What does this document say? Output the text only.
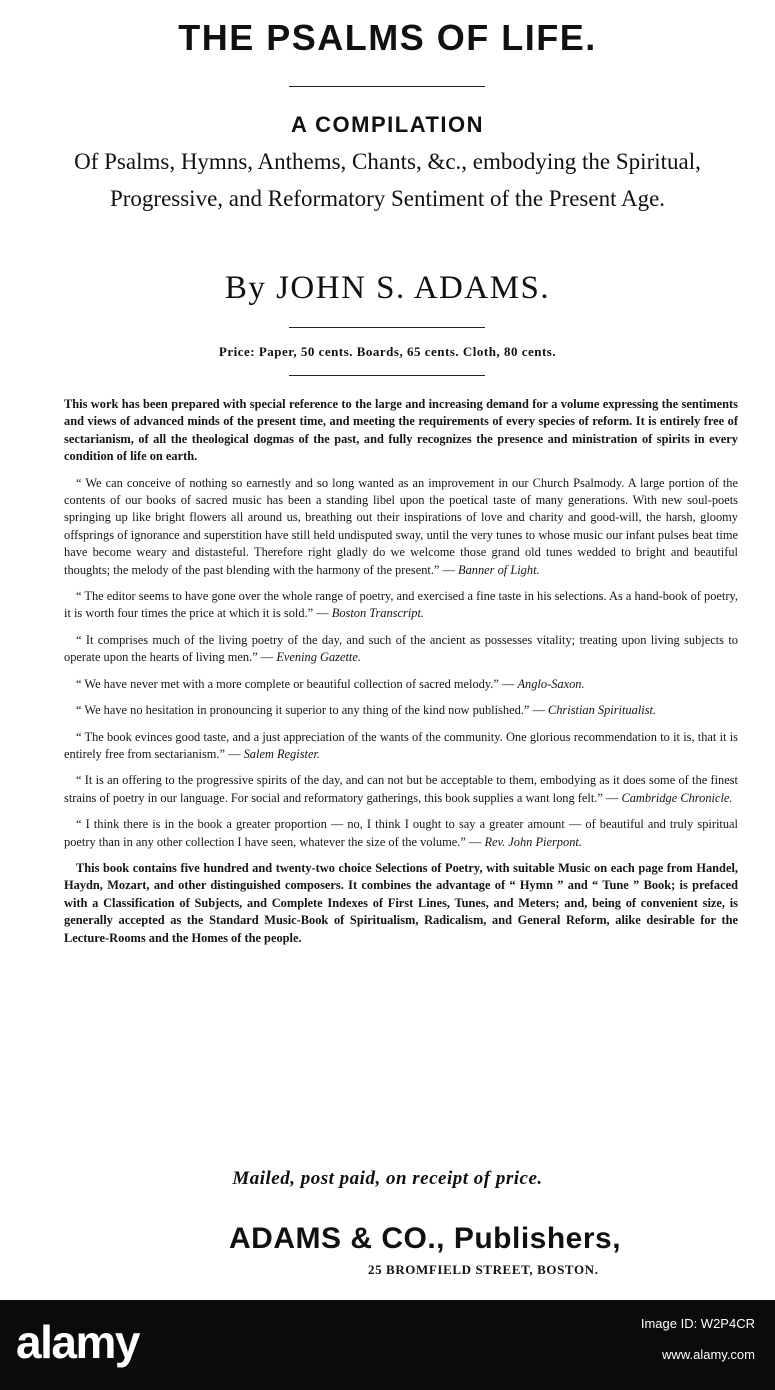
THE PSALMS OF LIFE.
A COMPILATION

Of Psalms, Hymns, Anthems, Chants, &c., embodying the Spiritual, Progressive, and Reformatory Sentiment of the Present Age.

By JOHN S. ADAMS.

Price: Paper, 50 cents. Boards, 65 cents. Cloth, 80 cents.

This work has been prepared with special reference to the large and increasing demand for a volume expressing the sentiments and views of advanced minds of the present time, and meeting the requirements of every species of reform. It is entirely free of sectarianism, of all the theological dogmas of the past, and fully recognizes the presence and ministration of spirits in every condition of life on earth.

“ We can conceive of nothing so earnestly and so long wanted as an improvement in our Church Psalmody. A large portion of the contents of our books of sacred music has been a standing libel upon the poetical taste of many generations. With new soul-poets springing up like bright flowers all around us, breathing out their inspirations of love and charity and good-will, the harsh, gloomy offsprings of ignorance and superstition have still held undisputed sway, until the very tunes to whose music our infant pulses beat time have become weary and distasteful. Therefore right gladly do we welcome those grand old tunes wedded to bright and beautiful thoughts; the melody of the past blending with the harmony of the present.” — Banner of Light.

“ The editor seems to have gone over the whole range of poetry, and exercised a fine taste in his selections. As a hand-book of poetry, it is worth four times the price at which it is sold.” — Boston Transcript.

“ It comprises much of the living poetry of the day, and such of the ancient as possesses vitality; treating upon living subjects to operate upon the hearts of living men.” — Evening Gazette.

“ We have never met with a more complete or beautiful collection of sacred melody.” — Anglo-Saxon.

“ We have no hesitation in pronouncing it superior to any thing of the kind now published.” — Christian Spiritualist.

“ The book evinces good taste, and a just appreciation of the wants of the community. One glorious recommendation to it is, that it is entirely free from sectarianism.” — Salem Register.

“ It is an offering to the progressive spirits of the day, and can not but be acceptable to them, embodying as it does some of the finest strains of poetry in our language. For social and reformatory gatherings, this book supplies a want long felt.” — Cambridge Chronicle.

“ I think there is in the book a greater proportion — no, I think I ought to say a greater amount — of beautiful and truly spiritual poetry than in any other collection I have seen, whatever the size of the volume.” — Rev. John Pierpont.

This book contains five hundred and twenty-two choice Selections of Poetry, with suitable Music on each page from Handel, Haydn, Mozart, and other distinguished composers. It combines the advantage of “ Hymn ” and “ Tune ” Book; is prefaced with a Classification of Subjects, and Complete Indexes of First Lines, Tunes, and Meters; and, being of convenient size, is generally accepted as the Standard Music-Book of Spiritualism, Radicalism, and General Reform, alike desirable for the Lecture-Rooms and the Homes of the people.

Mailed, post paid, on receipt of price.

ADAMS & CO., Publishers,

25 BROMFIELD STREET, BOSTON.

alamy	Image ID: W2P4CR
www.alamy.com
